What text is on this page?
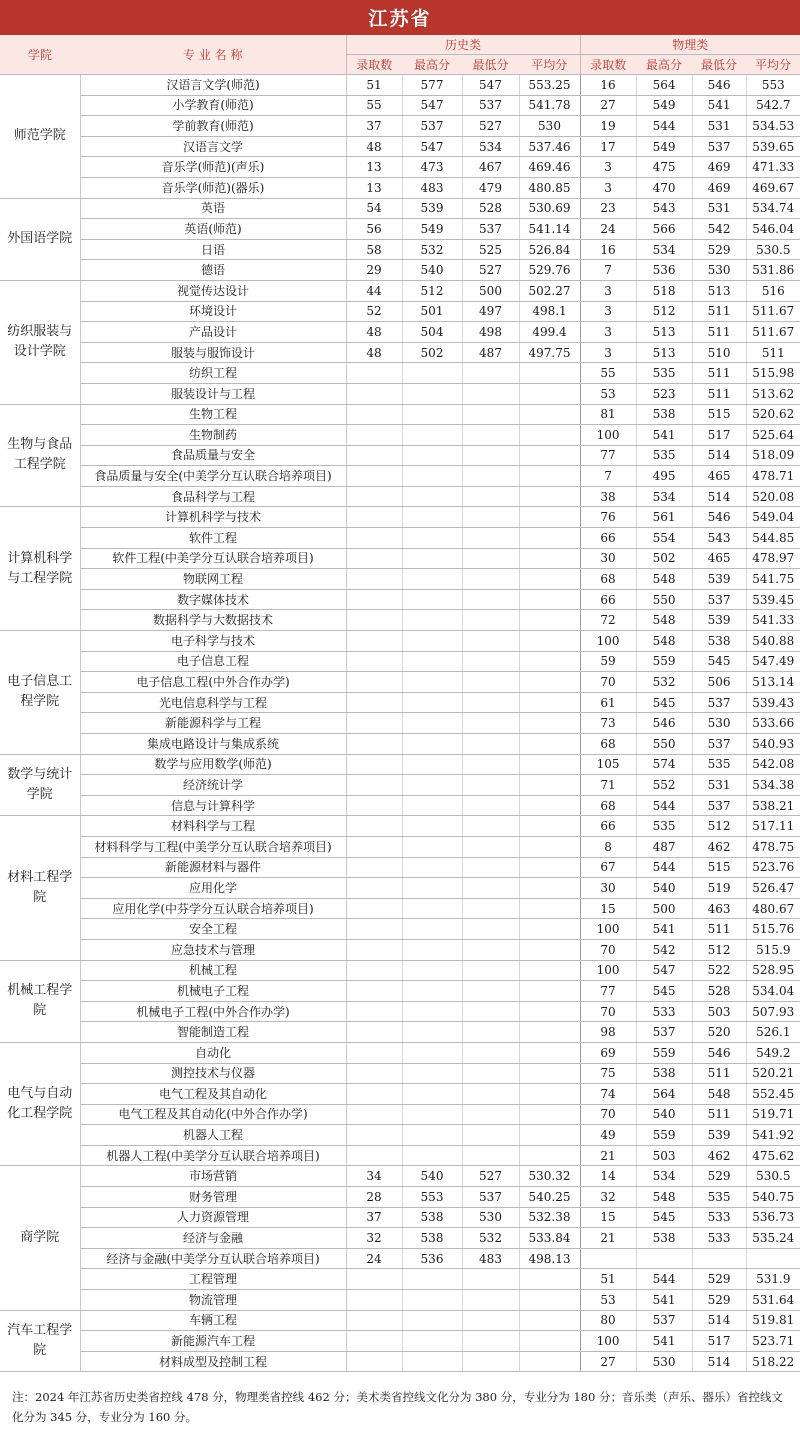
江苏省
学院	专 业 名 称	历史类				物理类			
		录取数	最高分	最低分	平均分	录取数	最高分	最低分	平均分
师范学院	汉语言文学(师范)	51	577	547	553.25	16	564	546	553
	小学教育(师范)	55	547	537	541.78	27	549	541	542.7
	学前教育(师范)	37	537	527	530	19	544	531	534.53
	汉语言文学	48	547	534	537.46	17	549	537	539.65
	音乐学(师范)(声乐)	13	473	467	469.46	3	475	469	471.33
	音乐学(师范)(器乐)	13	483	479	480.85	3	470	469	469.67
外国语学院	英语	54	539	528	530.69	23	543	531	534.74
	英语(师范)	56	549	537	541.14	24	566	542	546.04
	日语	58	532	525	526.84	16	534	529	530.5
	德语	29	540	527	529.76	7	536	530	531.86
纺织服装与设计学院	视觉传达设计	44	512	500	502.27	3	518	513	516
	环境设计	52	501	497	498.1	3	512	511	511.67
	产品设计	48	504	498	499.4	3	513	511	511.67
	服装与服饰设计	48	502	487	497.75	3	513	510	511
	纺织工程					55	535	511	515.98
	服装设计与工程					53	523	511	513.62
生物与食品工程学院	生物工程					81	538	515	520.62
	生物制药					100	541	517	525.64
	食品质量与安全					77	535	514	518.09
	食品质量与安全(中美学分互认联合培养项目)					7	495	465	478.71
	食品科学与工程					38	534	514	520.08
计算机科学与工程学院	计算机科学与技术					76	561	546	549.04
	软件工程					66	554	543	544.85
	软件工程(中美学分互认联合培养项目)					30	502	465	478.97
	物联网工程					68	548	539	541.75
	数字媒体技术					66	550	537	539.45
	数据科学与大数据技术					72	548	539	541.33
电子信息工程学院	电子科学与技术					100	548	538	540.88
	电子信息工程					59	559	545	547.49
	电子信息工程(中外合作办学)					70	532	506	513.14
	光电信息科学与工程					61	545	537	539.43
	新能源科学与工程					73	546	530	533.66
	集成电路设计与集成系统					68	550	537	540.93
数学与统计学院	数学与应用数学(师范)					105	574	535	542.08
	经济统计学					71	552	531	534.38
	信息与计算科学					68	544	537	538.21
材料工程学院	材料科学与工程					66	535	512	517.11
	材料科学与工程(中美学分互认联合培养项目)					8	487	462	478.75
	新能源材料与器件					67	544	515	523.76
	应用化学					30	540	519	526.47
	应用化学(中芬学分互认联合培养项目)					15	500	463	480.67
	安全工程					100	541	511	515.76
	应急技术与管理					70	542	512	515.9
机械工程学院	机械工程					100	547	522	528.95
	机械电子工程					77	545	528	534.04
	机械电子工程(中外合作办学)					70	533	503	507.93
	智能制造工程					98	537	520	526.1
电气与自动化工程学院	自动化					69	559	546	549.2
	测控技术与仪器					75	538	511	520.21
	电气工程及其自动化					74	564	548	552.45
	电气工程及其自动化(中外合作办学)					70	540	511	519.71
	机器人工程					49	559	539	541.92
	机器人工程(中美学分互认联合培养项目)					21	503	462	475.62
商学院	市场营销	34	540	527	530.32	14	534	529	530.5
	财务管理	28	553	537	540.25	32	548	535	540.75
	人力资源管理	37	538	530	532.38	15	545	533	536.73
	经济与金融	32	538	532	533.84	21	538	533	535.24
	经济与金融(中美学分互认联合培养项目)	24	536	483	498.13				
	工程管理					51	544	529	531.9
	物流管理					53	541	529	531.64
汽车工程学院	车辆工程					80	537	514	519.81
	新能源汽车工程					100	541	517	523.71
	材料成型及控制工程					27	530	514	518.22
注：2024 年江苏省历史类省控线 478 分，物理类省控线 462 分；美术类省控线文化分为 380 分，专业分为 180 分；音乐类（声乐、器乐）省控线文化分为 345 分，专业分为 160 分。
